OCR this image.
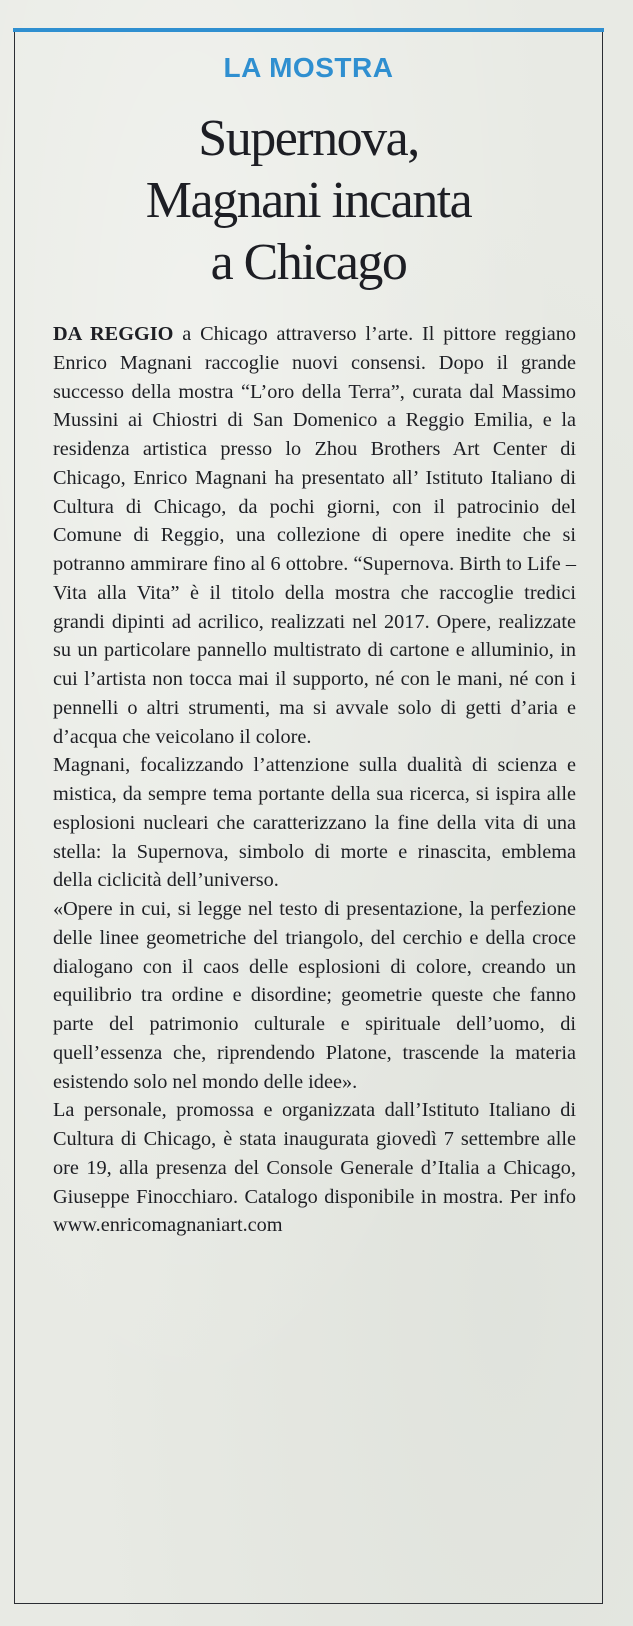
LA MOSTRA
Supernova,
Magnani incanta
a Chicago

DA REGGIO a Chicago attraverso l’arte. Il pittore reggiano Enrico Magnani raccoglie nuovi consensi. Dopo il grande successo della mostra “L’oro della Terra”, curata dal Massimo Mussini ai Chiostri di San Domenico a Reggio Emilia, e la residenza artistica presso lo Zhou Brothers Art Center di Chicago, Enrico Magnani ha presentato all’ Istituto Italiano di Cultura di Chicago, da pochi giorni, con il patrocinio del Comune di Reggio, una collezione di opere inedite che si potranno ammirare fino al 6 ottobre. “Supernova. Birth to Life – Vita alla Vita” è il titolo della mostra che raccoglie tredici grandi dipinti ad acrilico, realizzati nel 2017. Opere, realizzate su un particolare pannello multistrato di cartone e alluminio, in cui l’artista non tocca mai il supporto, né con le mani, né con i pennelli o altri strumenti, ma si avvale solo di getti d’aria e d’acqua che veicolano il colore.

Magnani, focalizzando l’attenzione sulla dualità di scienza e mistica, da sempre tema portante della sua ricerca, si ispira alle esplosioni nucleari che caratterizzano la fine della vita di una stella: la Supernova, simbolo di morte e rinascita, emblema della ciclicità dell’universo.

«Opere in cui, si legge nel testo di presentazione, la perfezione delle linee geometriche del triangolo, del cerchio e della croce dialogano con il caos delle esplosioni di colore, creando un equilibrio tra ordine e disordine; geometrie queste che fanno parte del patrimonio culturale e spirituale dell’uomo, di quell’essenza che, riprendendo Platone, trascende la materia esistendo solo nel mondo delle idee».

La personale, promossa e organizzata dall’Istituto Italiano di Cultura di Chicago, è stata inaugurata giovedì 7 settembre alle ore 19, alla presenza del Console Generale d’Italia a Chicago, Giuseppe Finocchiaro. Catalogo disponibile in mostra. Per info www.enricomagnaniart.com
